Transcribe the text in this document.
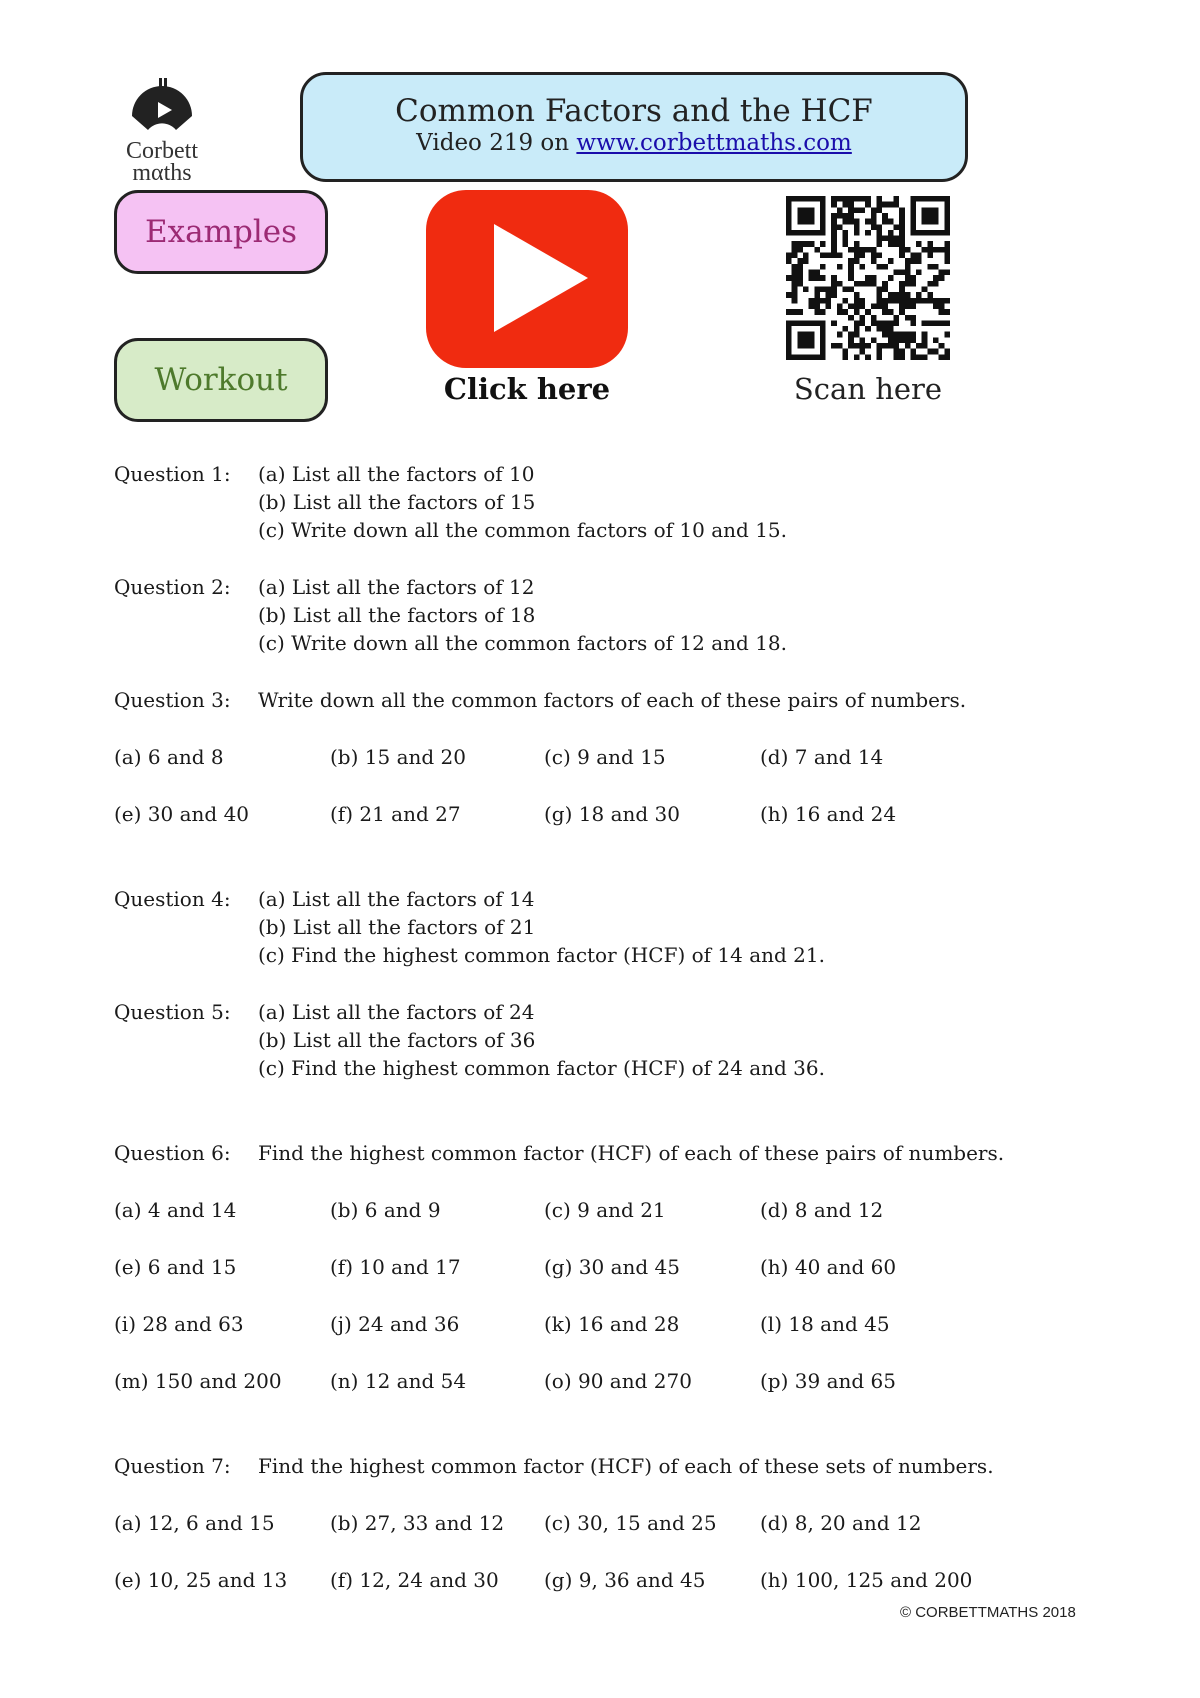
Corbett
mαths
Common Factors and the HCF
Video 219 on www.corbettmaths.com
Examples
Workout	Click here	Scan here
Question 1: (a) List all the factors of 10
(b) List all the factors of 15
(c) Write down all the common factors of 10 and 15.
Question 2: (a) List all the factors of 12
(b) List all the factors of 18
(c) Write down all the common factors of 12 and 18.
Question 3: Write down all the common factors of each of these pairs of numbers.
(a) 6 and 8	(b) 15 and 20	(c) 9 and 15	(d) 7 and 14
(e) 30 and 40	(f) 21 and 27	(g) 18 and 30	(h) 16 and 24
Question 4: (a) List all the factors of 14
(b) List all the factors of 21
(c) Find the highest common factor (HCF) of 14 and 21.
Question 5: (a) List all the factors of 24
(b) List all the factors of 36
(c) Find the highest common factor (HCF) of 24 and 36.
Question 6: Find the highest common factor (HCF) of each of these pairs of numbers.
(a) 4 and 14	(b) 6 and 9	(c) 9 and 21	(d) 8 and 12
(e) 6 and 15	(f) 10 and 17	(g) 30 and 45	(h) 40 and 60
(i) 28 and 63	(j) 24 and 36	(k) 16 and 28	(l) 18 and 45
(m) 150 and 200 (n) 12 and 54	(o) 90 and 270	(p) 39 and 65
Question 7: Find the highest common factor (HCF) of each of these sets of numbers.
(a) 12, 6 and 15	(b) 27, 33 and 12 (c) 30, 15 and 25 (d) 8, 20 and 12
(e) 10, 25 and 13 (f) 12, 24 and 30 (g) 9, 36 and 45	(h) 100, 125 and 200
© CORBETTMATHS 2018
